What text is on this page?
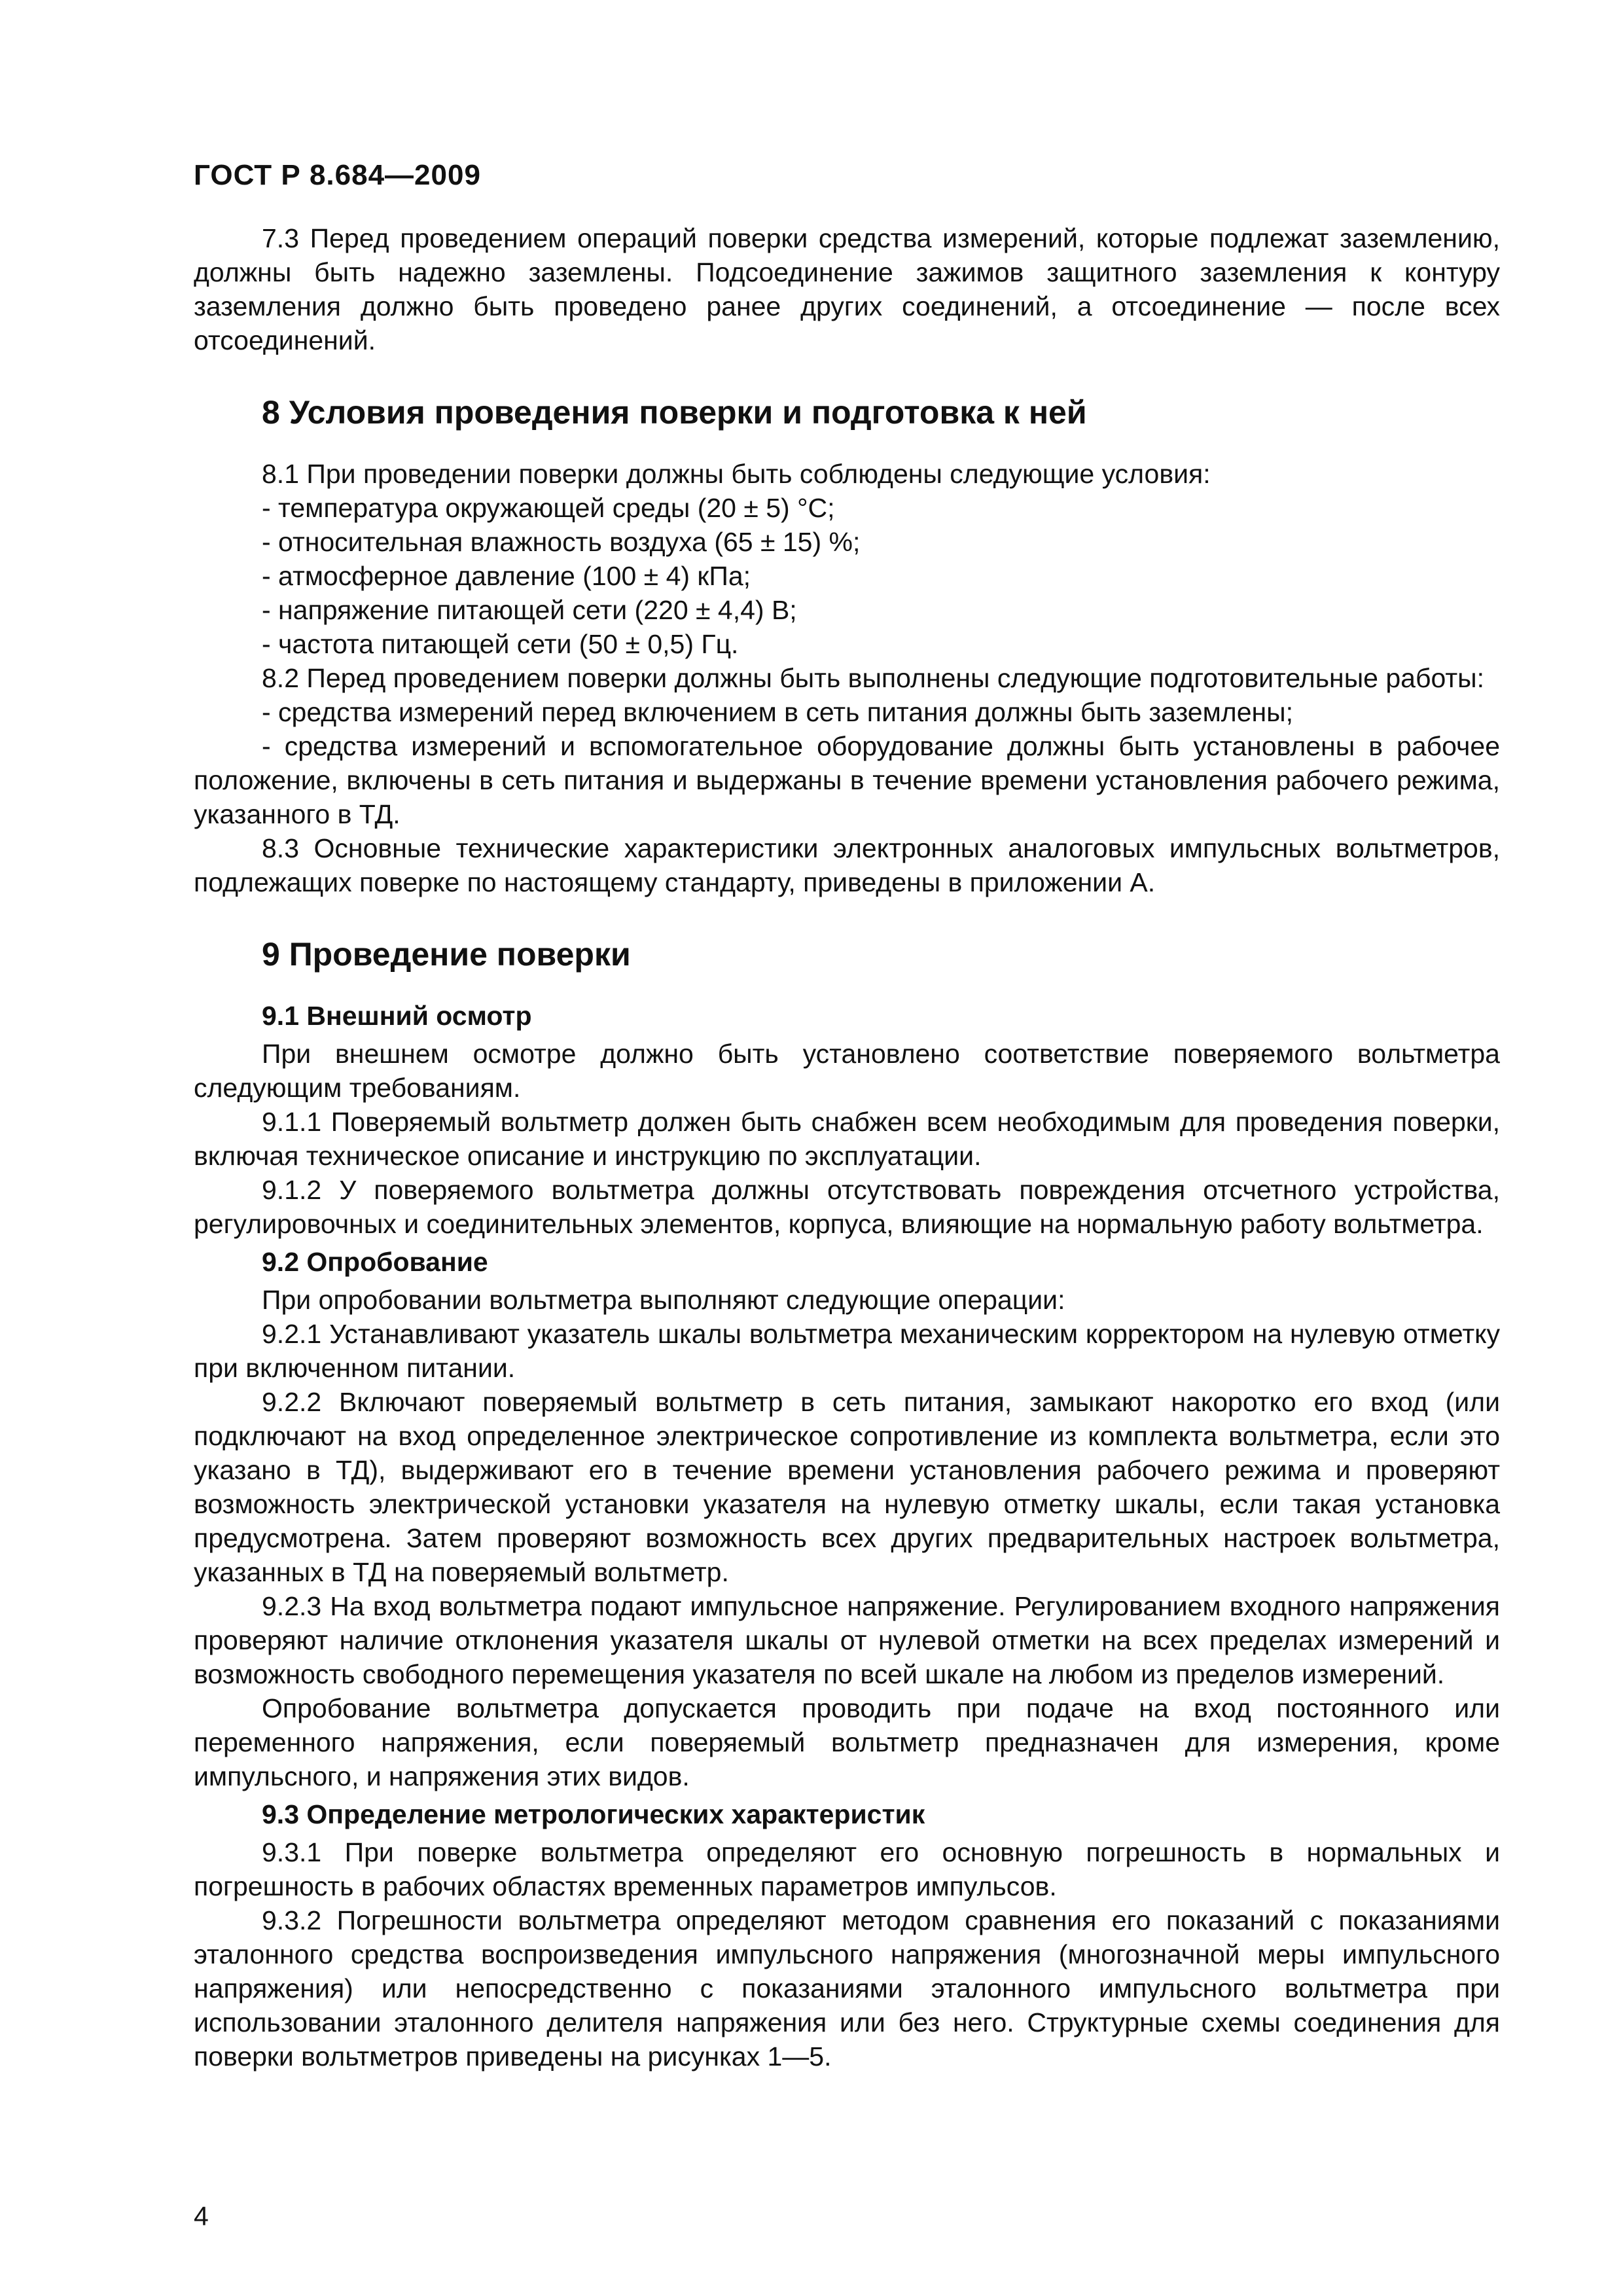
ГОСТ Р 8.684—2009

7.3 Перед проведением операций поверки средства измерений, которые подлежат заземлению, должны быть надежно заземлены. Подсоединение зажимов защитного заземления к контуру заземления должно быть проведено ранее других соединений, а отсоединение — после всех отсоединений.

8 Условия проведения поверки и подготовка к ней

8.1 При проведении поверки должны быть соблюдены следующие условия:

- температура окружающей среды (20 ± 5) °С;

- относительная влажность воздуха (65 ± 15) %;

- атмосферное давление (100 ± 4) кПа;

- напряжение питающей сети (220 ± 4,4) В;

- частота питающей сети (50 ± 0,5) Гц.

8.2 Перед проведением поверки должны быть выполнены следующие подготовительные работы:

- средства измерений перед включением в сеть питания должны быть заземлены;

- средства измерений и вспомогательное оборудование должны быть установлены в рабочее положение, включены в сеть питания и выдержаны в течение времени установления рабочего режима, указанного в ТД.

8.3 Основные технические характеристики электронных аналоговых импульсных вольтметров, подлежащих поверке по настоящему стандарту, приведены в приложении А.

9 Проведение поверки
9.1 Внешний осмотр

При внешнем осмотре должно быть установлено соответствие поверяемого вольтметра следующим требованиям.

9.1.1 Поверяемый вольтметр должен быть снабжен всем необходимым для проведения поверки, включая техническое описание и инструкцию по эксплуатации.

9.1.2 У поверяемого вольтметра должны отсутствовать повреждения отсчетного устройства, регулировочных и соединительных элементов, корпуса, влияющие на нормальную работу вольтметра.

9.2 Опробование

При опробовании вольтметра выполняют следующие операции:

9.2.1 Устанавливают указатель шкалы вольтметра механическим корректором на нулевую отметку при включенном питании.

9.2.2 Включают поверяемый вольтметр в сеть питания, замыкают накоротко его вход (или подключают на вход определенное электрическое сопротивление из комплекта вольтметра, если это указано в ТД), выдерживают его в течение времени установления рабочего режима и проверяют возможность электрической установки указателя на нулевую отметку шкалы, если такая установка предусмотрена. Затем проверяют возможность всех других предварительных настроек вольтметра, указанных в ТД на поверяемый вольтметр.

9.2.3 На вход вольтметра подают импульсное напряжение. Регулированием входного напряжения проверяют наличие отклонения указателя шкалы от нулевой отметки на всех пределах измерений и возможность свободного перемещения указателя по всей шкале на любом из пределов измерений.

Опробование вольтметра допускается проводить при подаче на вход постоянного или переменного напряжения, если поверяемый вольтметр предназначен для измерения, кроме импульсного, и напряжения этих видов.

9.3 Определение метрологических характеристик

9.3.1 При поверке вольтметра определяют его основную погрешность в нормальных и погрешность в рабочих областях временных параметров импульсов.

9.3.2 Погрешности вольтметра определяют методом сравнения его показаний с показаниями эталонного средства воспроизведения импульсного напряжения (многозначной меры импульсного напряжения) или непосредственно с показаниями эталонного импульсного вольтметра при использовании эталонного делителя напряжения или без него. Структурные схемы соединения для поверки вольтметров приведены на рисунках 1—5.

4
